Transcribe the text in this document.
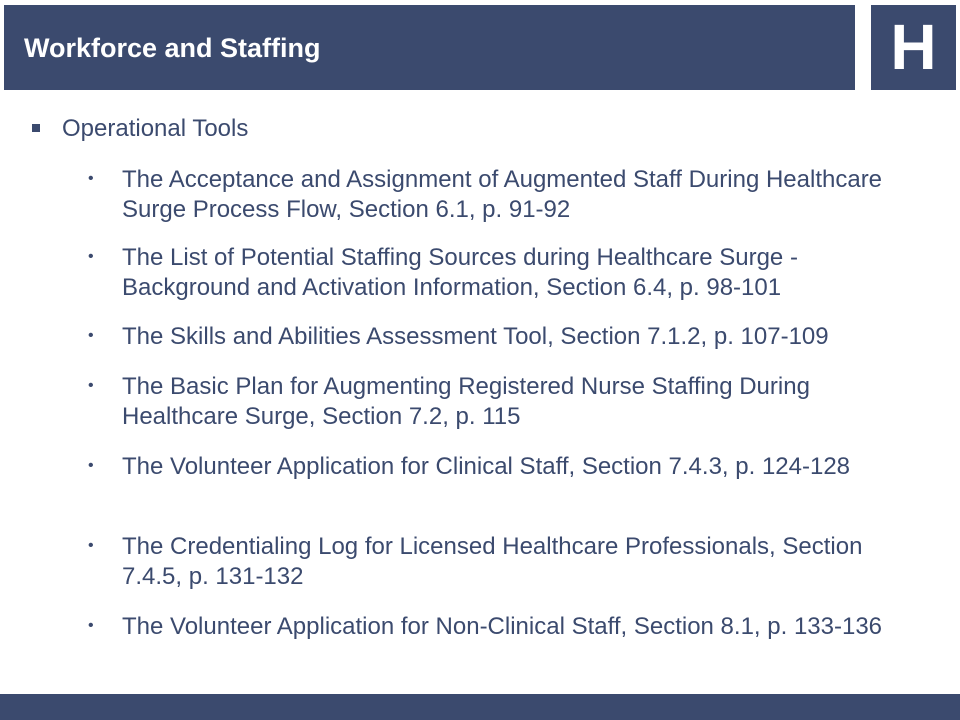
Workforce and Staffing	H
Operational Tools
• The Acceptance and Assignment of Augmented Staff During Healthcare Surge Process Flow, Section 6.1, p. 91-92
• The List of Potential Staffing Sources during Healthcare Surge - Background and Activation Information, Section 6.4, p. 98-101
• The Skills and Abilities Assessment Tool, Section 7.1.2, p. 107-109
• The Basic Plan for Augmenting Registered Nurse Staffing During Healthcare Surge, Section 7.2, p. 115
• The Volunteer Application for Clinical Staff, Section 7.4.3, p. 124-128
• The Credentialing Log for Licensed Healthcare Professionals, Section 7.4.5, p. 131-132
• The Volunteer Application for Non-Clinical Staff, Section 8.1, p. 133-136
